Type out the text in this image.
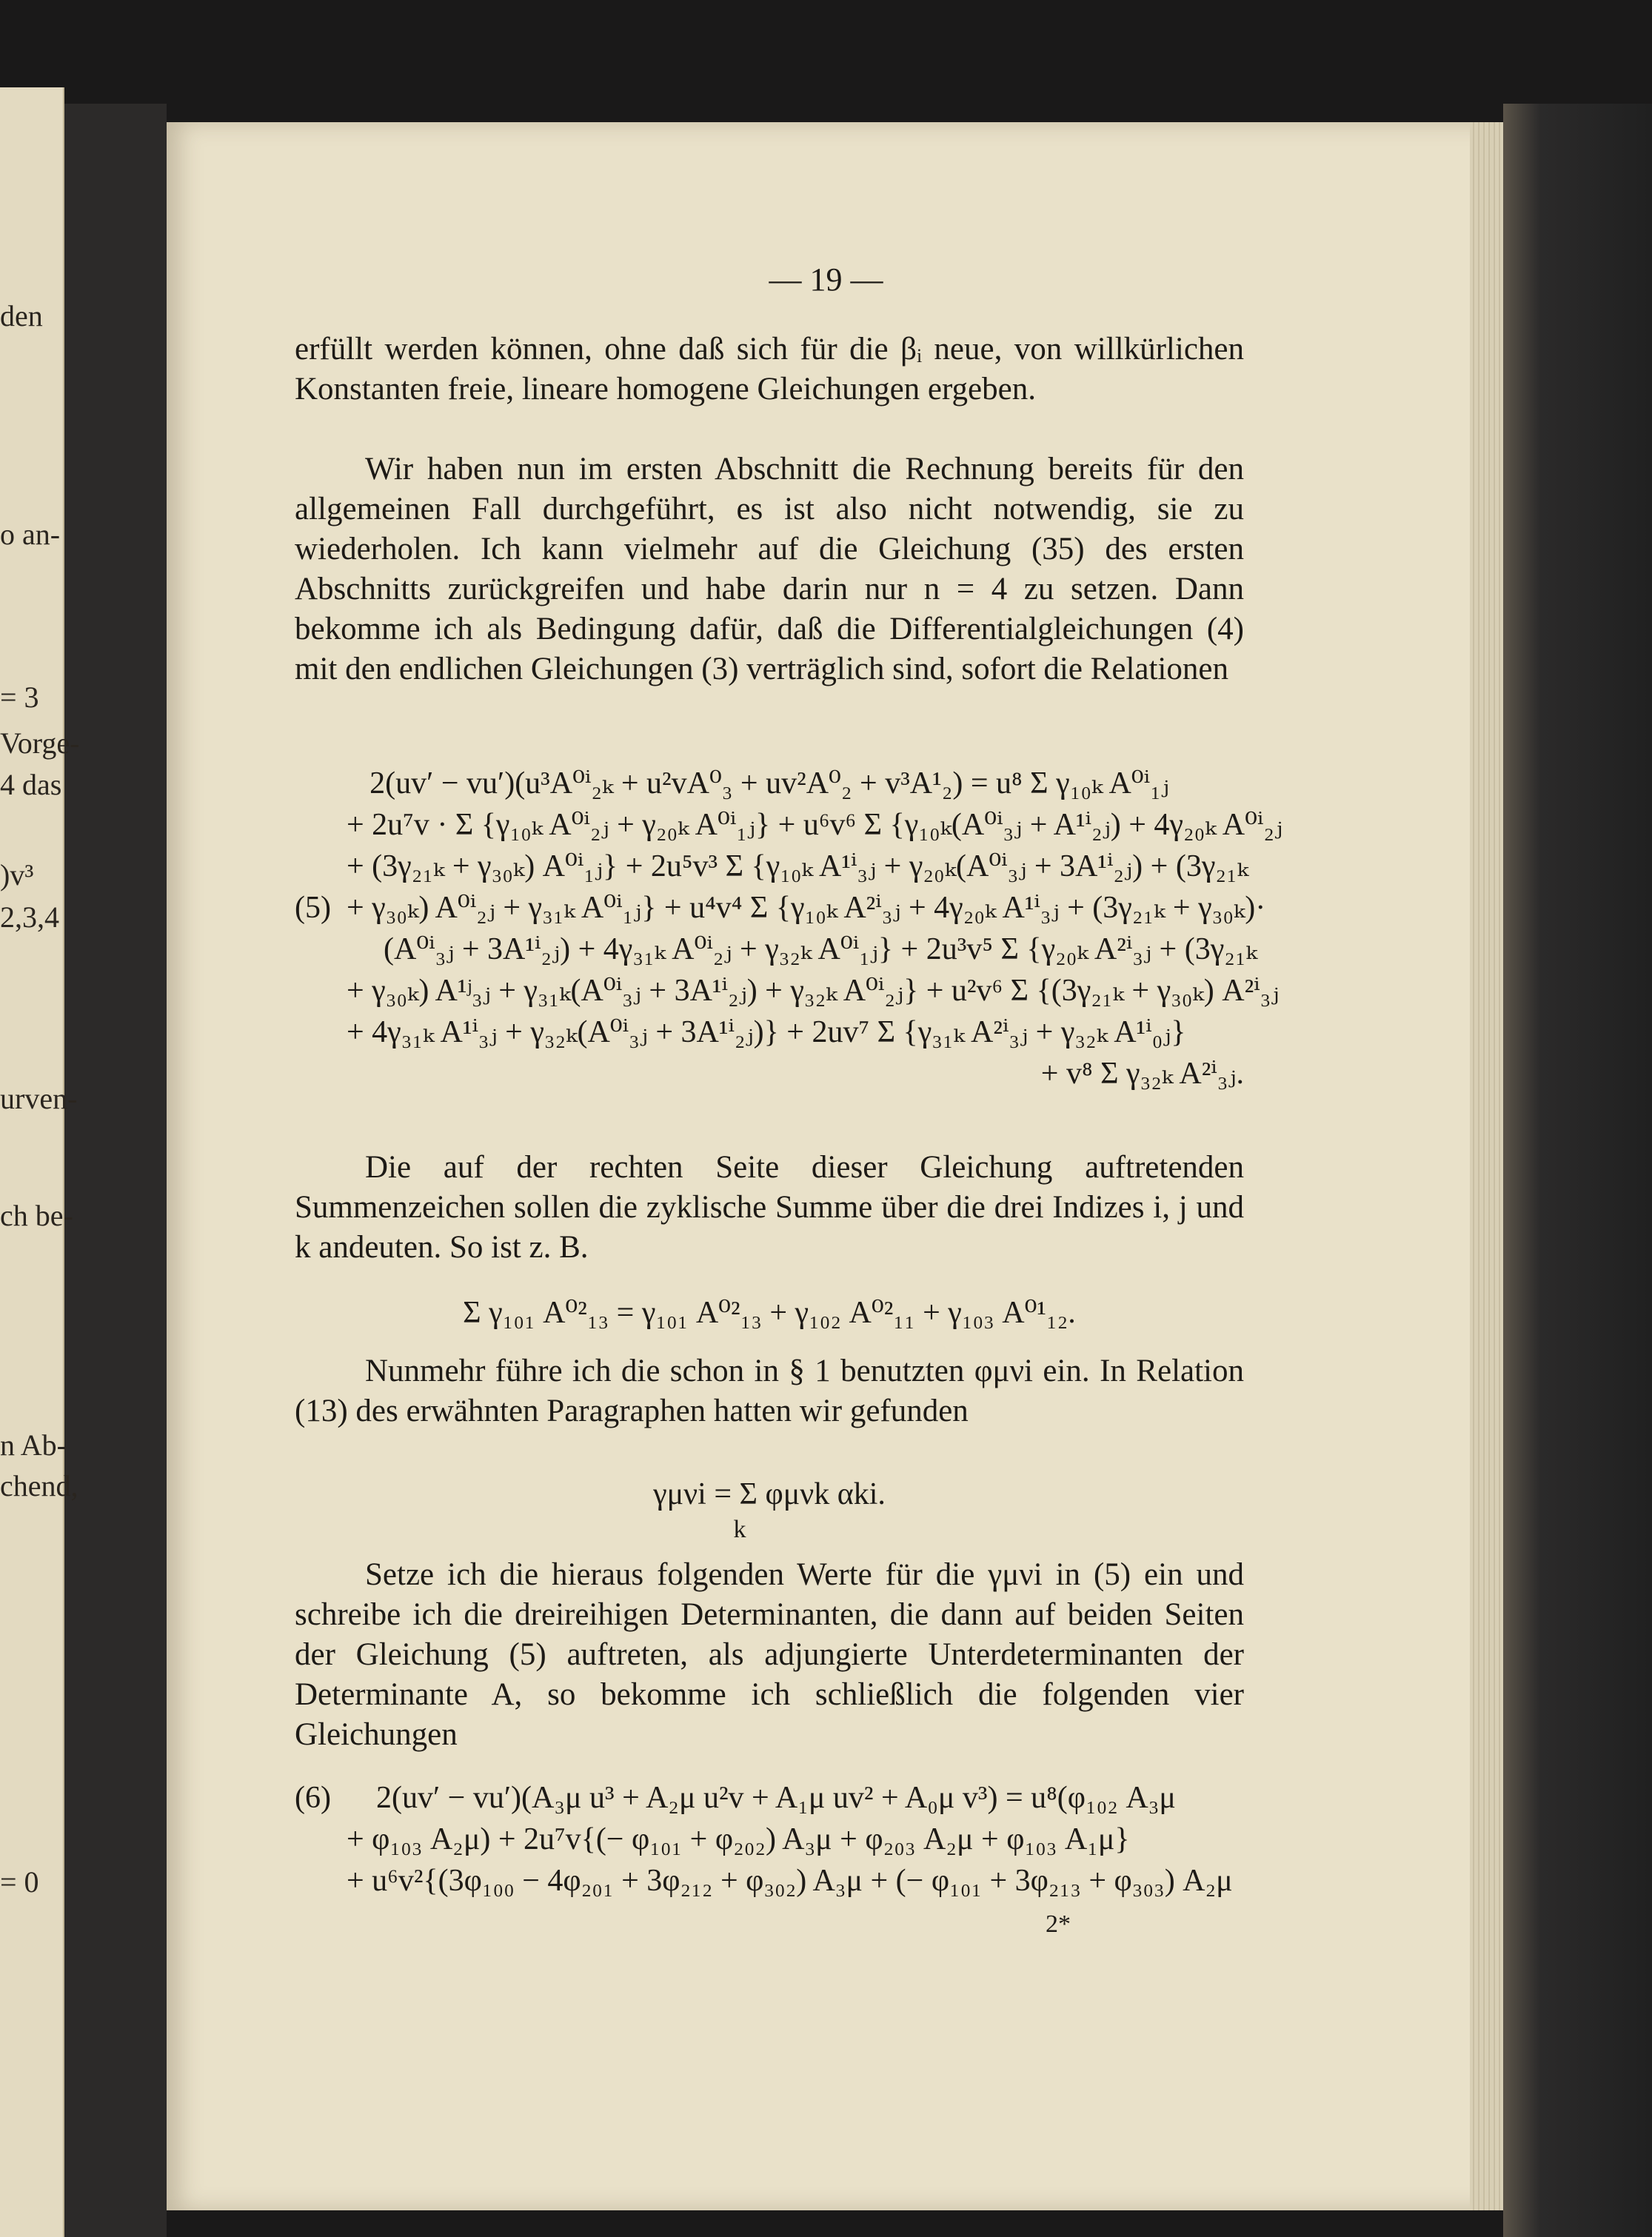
den
o an-
= 3
Vorge-
4 das
)v³
2,3,4
urven-
ch be-
n Ab-
chend,
= 0
— 19 —

erfüllt werden können, ohne daß sich für die βᵢ neue, von willkürlichen Konstanten freie, lineare homogene Gleichungen ergeben.

Wir haben nun im ersten Abschnitt die Rechnung bereits für den allgemeinen Fall durchgeführt, es ist also nicht notwendig, sie zu wiederholen. Ich kann vielmehr auf die Gleichung (35) des ersten Abschnitts zurückgreifen und habe darin nur n = 4 zu setzen. Dann bekomme ich als Bedingung dafür, daß die Differentialgleichungen (4) mit den endlichen Gleichungen (3) verträglich sind, sofort die Relationen

2(uv′ − vu′)(u³A⁰ⁱ₂ₖ + u²vA⁰₃ + uv²A⁰₂ + v³A¹₂) = u⁸ Σ γ₁₀ₖ A⁰ⁱ₁ⱼ
+ 2u⁷v · Σ {γ₁₀ₖ A⁰ⁱ₂ⱼ + γ₂₀ₖ A⁰ⁱ₁ⱼ} + u⁶v⁶ Σ {γ₁₀ₖ(A⁰ⁱ₃ⱼ + A¹ⁱ₂ⱼ) + 4γ₂₀ₖ A⁰ⁱ₂ⱼ
+ (3γ₂₁ₖ + γ₃₀ₖ) A⁰ⁱ₁ⱼ} + 2u⁵v³ Σ {γ₁₀ₖ A¹ⁱ₃ⱼ + γ₂₀ₖ(A⁰ⁱ₃ⱼ + 3A¹ⁱ₂ⱼ) + (3γ₂₁ₖ
(5) + γ₃₀ₖ) A⁰ⁱ₂ⱼ + γ₃₁ₖ A⁰ⁱ₁ⱼ} + u⁴v⁴ Σ {γ₁₀ₖ A²ⁱ₃ⱼ + 4γ₂₀ₖ A¹ⁱ₃ⱼ + (3γ₂₁ₖ + γ₃₀ₖ)·
(A⁰ⁱ₃ⱼ + 3A¹ⁱ₂ⱼ) + 4γ₃₁ₖ A⁰ⁱ₂ⱼ + γ₃₂ₖ A⁰ⁱ₁ⱼ} + 2u³v⁵ Σ {γ₂₀ₖ A²ⁱ₃ⱼ + (3γ₂₁ₖ
+ γ₃₀ₖ) A¹ʲ₃ⱼ + γ₃₁ₖ(A⁰ⁱ₃ⱼ + 3A¹ⁱ₂ⱼ) + γ₃₂ₖ A⁰ⁱ₂ⱼ} + u²v⁶ Σ {(3γ₂₁ₖ + γ₃₀ₖ) A²ⁱ₃ⱼ
+ 4γ₃₁ₖ A¹ⁱ₃ⱼ + γ₃₂ₖ(A⁰ⁱ₃ⱼ + 3A¹ⁱ₂ⱼ)} + 2uv⁷ Σ {γ₃₁ₖ A²ⁱ₃ⱼ + γ₃₂ₖ A¹ⁱ₀ⱼ}
+ v⁸ Σ γ₃₂ₖ A²ⁱ₃ⱼ.

Die auf der rechten Seite dieser Gleichung auftretenden Summenzeichen sollen die zyklische Summe über die drei Indizes i, j und k andeuten. So ist z. B.

Σ γ₁₀₁ A⁰²₁₃ = γ₁₀₁ A⁰²₁₃ + γ₁₀₂ A⁰²₁₁ + γ₁₀₃ A⁰¹₁₂.

Nunmehr führe ich die schon in § 1 benutzten φμνi ein. In Relation (13) des erwähnten Paragraphen hatten wir gefunden

γμνi = Σ φμνk αki.
k

Setze ich die hieraus folgenden Werte für die γμνi in (5) ein und schreibe ich die dreireihigen Determinanten, die dann auf beiden Seiten der Gleichung (5) auftreten, als adjungierte Unterdeterminanten der Determinante A, so bekomme ich schließlich die folgenden vier Gleichungen

(6) 2(uv′ − vu′)(A₃μ u³ + A₂μ u²v + A₁μ uv² + A₀μ v³) = u⁸(φ₁₀₂ A₃μ
+ φ₁₀₃ A₂μ) + 2u⁷v{(− φ₁₀₁ + φ₂₀₂) A₃μ + φ₂₀₃ A₂μ + φ₁₀₃ A₁μ}
+ u⁶v²{(3φ₁₀₀ − 4φ₂₀₁ + 3φ₂₁₂ + φ₃₀₂) A₃μ + (− φ₁₀₁ + 3φ₂₁₃ + φ₃₀₃) A₂μ
2*
